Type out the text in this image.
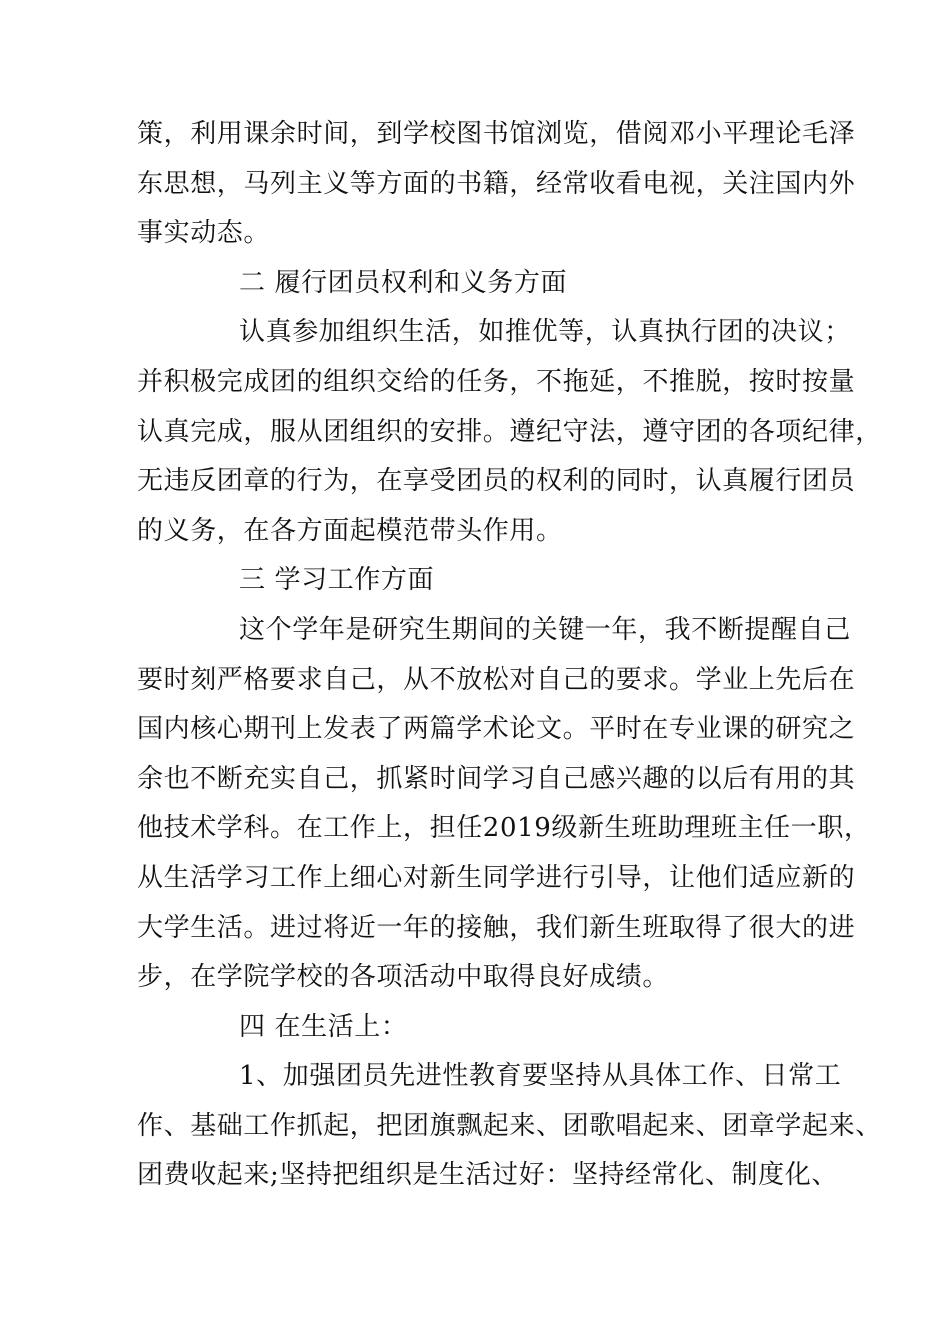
策，利用课余时间，到学校图书馆浏览，借阅邓小平理论毛泽
东思想，马列主义等方面的书籍，经常收看电视，关注国内外
事实动态。
二 履行团员权利和义务方面
认真参加组织生活，如推优等，认真执行团的决议；
并积极完成团的组织交给的任务，不拖延，不推脱，按时按量
认真完成，服从团组织的安排。遵纪守法，遵守团的各项纪律，
无违反团章的行为，在享受团员的权利的同时，认真履行团员
的义务，在各方面起模范带头作用。
三 学习工作方面
这个学年是研究生期间的关键一年，我不断提醒自己
要时刻严格要求自己，从不放松对自己的要求。学业上先后在
国内核心期刊上发表了两篇学术论文。平时在专业课的研究之
余也不断充实自己，抓紧时间学习自己感兴趣的以后有用的其
他技术学科。在工作上，担任2019级新生班助理班主任一职，
从生活学习工作上细心对新生同学进行引导，让他们适应新的
大学生活。进过将近一年的接触，我们新生班取得了很大的进
步，在学院学校的各项活动中取得良好成绩。
四 在生活上：
1、加强团员先进性教育要坚持从具体工作、日常工
作、基础工作抓起，把团旗飘起来、团歌唱起来、团章学起来、
团费收起来;坚持把组织是生活过好：坚持经常化、制度化、
